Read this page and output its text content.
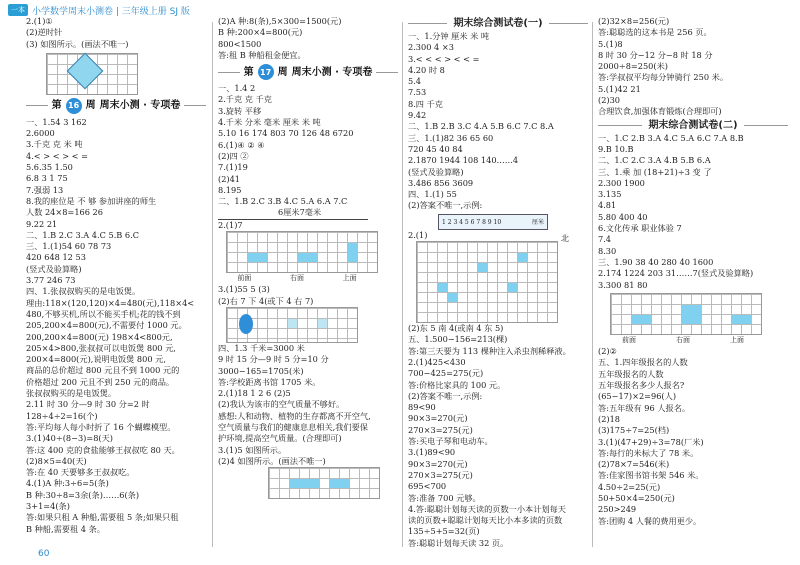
一本 小学数学周末小测卷 | 三年级上册 SJ 版
2.(1)①
(2)逆时针
(3) 如图所示。(画法不唯一)
第 16 周 周末小测 · 专项卷
一、1.54 3 162
2.6000
3.千克 克 米 吨
4.< > < > < =
5.6.35 1.50
6.8 3 1 75
7.强弱 13
8.我的座位是 不 够 参加讲座的师生
人数 24×8=166 26
9.22 21
二、1.B 2.C 3.A 4.C 5.B 6.C
三、1.(1)54 60 78 73
420 648 12 53
(竖式及验算略)
3.77 246 73
四、1.张叔叔购买的是电饭煲。
理由:118×(120,120)×4=480(元),118×4<
480,不够买机,所以不能买手机;花的钱不到
205,200×4=800(元),不需要付 1000 元。
200,200×4=800(元) 198×4<800元,
205×4>800,张叔叔可以电饭煲 800 元,
200×4=800(元),说明电饭煲 800 元,
商品的总价超过 800 元且不到 1000 元的
价格超过 200 元且不到 250 元的商品。
张叔叔购买的是电饭煲。
2.11 时 30 分—9 时 30 分=2 时
128÷4÷2=16(个)
答:平均每人每小时折了 16 个蝴蝶模型。
3.(1)40÷(8−3)=8(天)
答:这 400 克的食盐能够王叔叔吃 80 天。
(2)8×5=40(天)
答:在 40 天要够多王叔叔吃。
4.(1)A 种:3÷6=5(条)
B 种:30÷8=3余(条)……6(条)
3+1=4(条)
答:如果只租 A 种船,需要租 5 条;如果只租
B 种船,需要租 4 条。
(2)A 种:8(条),5×300=1500(元)
B 种:200×4=800(元)
800<1500
答:租 B 种船租金便宜。
第 17 周 周末小测 · 专项卷
一、1.4 2
2.千克 克 千克
3.旋转 平移
4.千米 分米 毫米 厘米 米 吨
5.10 16 174 803 70 126 48 6720
6.(1)④ ② ④
(2)四 ②
7.(1)19
(2)41
8.195
二、1.B 2.C 3.B 4.C 5.A 6.A 7.C
6厘米7毫米
2.(1)7
前面	右面	上面
3.(1)55 5 (3)
(2)右 7 下 4(或下 4 右 7)
四、1.3 千米=3000 米
9 时 15 分—9 时 5 分=10 分
3000−165=1705(米)
答:学校距离书馆 1705 米。
2.(1)18 1 2 6 (2)5
(2)我认为该市的空气质量不够好。
感想:人和动物、植物的生存都离不开空气,
空气质量与我们的健康息息相关,我们要保
护环境,提高空气质量。(合理即可)
3.(1)5 如图所示。
(2)4 如图所示。(画法不唯一)
期末综合测试卷(一)
一、1.分钟 厘米 米 吨
2.300 4 ×3
3.< < < > < < =
4.20 时 8
5.4
7.53
8.四 千克
9.42
二、1.B 2.B 3.C 4.A 5.B 6.C 7.C 8.A
三、1.(1)82 36 65 60
720 45 40 84
2.1870 1944 108 140……4
(竖式及验算略)
3.486 856 3609
四、1.(1) 55
(2)答案不唯一,示例:
1 2 3 4 5 6 7 8 9 10	厘米
2.(1)	北
(2)东 5 南 4(或南 4 东 5)
五、1.500−156=213(棵)
答:第三天要为 113 棵种注入杀虫剂稀释液。
2.(1)425<430
700−425=275(元)
答:价格比家具的 100 元。
(2)答案不唯一,示例:
89<90
90×3=270(元)
270×3=275(元)
答:买电子琴和电动车。
3.(1)89<90
90×3=270(元)
270×3=275(元)
695<700
答:准备 700 元够。
4.答:聪聪计划每天读的页数一小本计划每天
读的页数+聪聪计划每天比小本多读的页数
135÷5+5=32(页)
答:聪聪计划每天读 32 页。
(2)32×8=256(元)
答:聪聪选的这本书是 256 页。
5.(1)8
8 时 30 分−12 分−8 时 18 分
2000÷8=250(米)
答:学叔叔平均每分钟骑行 250 米。
5.(1)42 21
(2)30
合理饮食,加强体育锻炼(合理即可)
期末综合测试卷(二)
一、1.C 2.B 3.A 4.C 5.A 6.C 7.A 8.B
9.B 10.B
二、1.C 2.C 3.A 4.B 5.B 6.A
三、1.乘 加 (18+21)÷3 变 了
2.300 1900
3.135
4.81
5.80 400 40
6.文化传承 职业体验 7
7.4
8.30
三、1.90 38 40 280 40 1600
2.174 1224 203 31……7(竖式及验算略)
3.300 81 80
前面	右面	上面
(2)②
五、1.四年级报名的人数
五年级报名的人数
五年级报名多少人报名?
(65−17)×2=96(人)
答:五年级有 96 人报名。
(2)18
(3)175÷7=25(档)
3.(1)(47+29)÷3=78(厂米)
答:每行的米标大了 78 米。
(2)78×7=546(米)
答:佳家图书馆书架 546 米。
4.50÷2=25(元)
50+50×4=250(元)
250>249
答:团购 4 人餐的费用更少。
60
